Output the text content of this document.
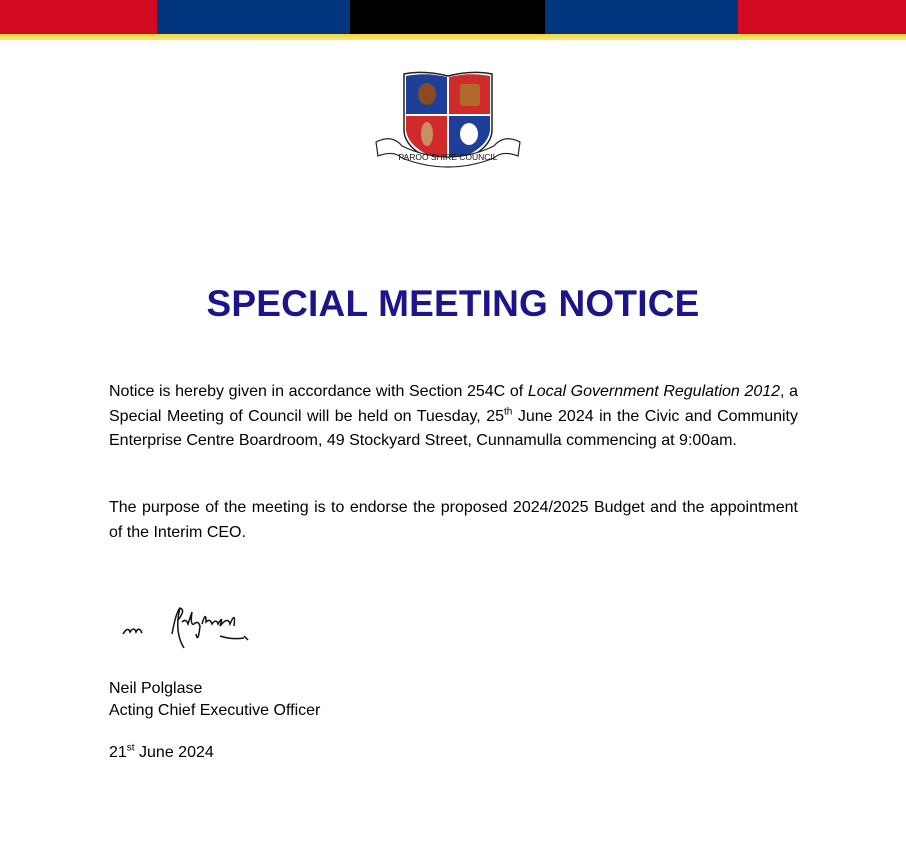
PAROO SHIRE COUNCIL
SPECIAL MEETING NOTICE

Notice is hereby given in accordance with Section 254C of Local Government Regulation 2012, a Special Meeting of Council will be held on Tuesday, 25th June 2024 in the Civic and Community Enterprise Centre Boardroom, 49 Stockyard Street, Cunnamulla commencing at 9:00am.

The purpose of the meeting is to endorse the proposed 2024/2025 Budget and the appointment of the Interim CEO.

Neil Polglase
Acting Chief Executive Officer
21st June 2024
